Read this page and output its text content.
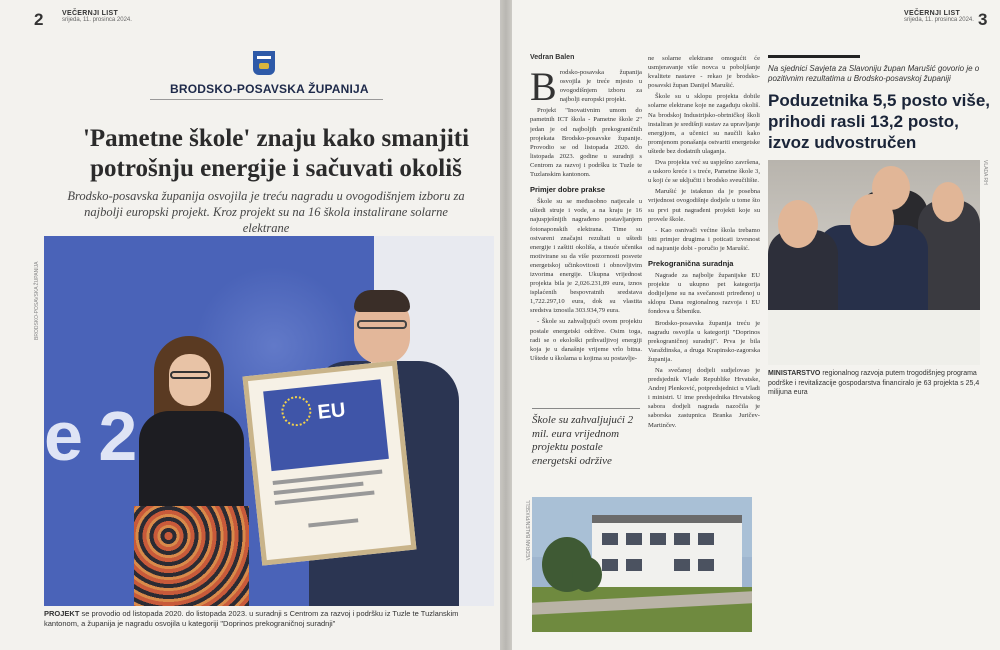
2	VEČERNJI LIST
srijeda, 11. prosinca 2024.
BRODSKO-POSAVSKA ŽUPANIJA
'Pametne škole' znaju kako smanjiti potrošnju energije i sačuvati okoliš
Brodsko-posavska županija osvojila je treću nagradu u ovogodišnjem izboru za najbolji europski projekt. Kroz projekt su na 16 škola instalirane solarne elektrane
BRODSKO-POSAVSKA ŽUPANIJA
e 2	EU
PROJEKT se provodio od listopada 2020. do listopada 2023. u suradnji s Centrom za razvoj i podršku iz Tuzle te Tuzlanskim kantonom, a županija je nagradu osvojila u kategoriji "Doprinos prekograničnoj suradnji"
VEČERNJI LIST
srijeda, 11. prosinca 2024. 3
Vedran Balen

Brodsko-posavska županija osvojila je treće mjesto u ovogodišnjem izboru za najbolji europski projekt.

Projekt "Inovativnim umom do pametnih ICT škola - Pametne škole 2" jedan je od najboljih prekograničnih projekata Brodsko-posavske županije. Provodio se od listopada 2020. do listopada 2023. godine u suradnji s Centrom za razvoj i podršku iz Tuzle te Tuzlanskim kantonom.

Primjer dobre prakse

Škole su se međusobno natjecale u uštedi struje i vode, a na kraju je 16 najuspješnijih nagrađeno postavljanjem fotonaponskih elektrana. Time su ostvareni značajni rezultati u uštedi energije i zaštiti okoliša, a tisuće učenika motivirane su da više pozornosti posvete energetskoj učinkovitosti i obnovljivim izvorima energije. Ukupna vrijednost projekta bila je 2,026.231,89 eura, iznos isplaćenih bespovratnih sredstava 1,722.297,10 eura, dok su vlastita sredstva iznosila 303.934,79 eura.

- Škole su zahvaljujući ovom projektu postale energetski održive. Osim toga, radi se o ekološki prihvatljivoj energiji koja je u današnje vrijeme vrlo bitna. Uštede u školama u kojima su postavlje-

Škole su zahvaljujući 2 mil. eura vrijednom projektu postale energetski održive

ne solarne elektrane omogućit će usmjeravanje više novca u poboljšanje kvalitete nastave - rekao je brodsko-posavski župan Danijel Marušić.

Škole su u sklopu projekta dobile solarne elektrane koje ne zagađuju okoliš. Na brodskoj Industrijsko-obrtničkoj školi instaliran je središnji sustav za upravljanje energijom, a učenici su naučili kako promjenom ponašanja ostvariti energetske uštede bez dodatnih ulaganja.

Dva projekta već su uspješno završena, a uskoro kreće i s treće, Pametne škole 3, u koji će se uključiti i brodsko sveučilište.

Marušić je istaknuo da je posebna vrijednost ovogodišnje dodjele u tome što su prvi put nagrađeni projekti koje su provele škole.

- Kao osnivači većine škola trebamo biti primjer drugima i poticati izvrsnost od najranije dobi - poručio je Marušić.

Prekogranična suradnja

Nagrade za najbolje županijske EU projekte u ukupno pet kategorija dodijeljene su na svečanosti priređenoj u sklopu Dana regionalnog razvoja i EU fondova u Šibeniku.

Brodsko-posavska županija treću je nagradu osvojila u kategoriji "Doprinos prekograničnoj suradnji". Prva je bila Varaždinska, a druga Krapinsko-zagorska županija.

Na svečanoj dodjeli sudjelovao je predsjednik Vlade Republike Hrvatske, Andrej Plenković, potpredsjednici u Vladi i ministri. U ime predsjednika Hrvatskog sabora dodjeli nagrada nazočila je saborska zastupnica Branka Juričev-Martinčev.

Na sjednici Savjeta za Slavoniju župan Marušić govorio je o pozitivnim rezultatima u Brodsko-posavskoj županiji
Poduzetnika 5,5 posto više, prihodi rasli 13,2 posto, izvoz udvostručen
VLADA RH
MINISTARSTVO regionalnog razvoja putem trogodišnjeg programa podrške i revitalizacije gospodarstva financiralo je 63 projekta s 25,4 milijuna eura
VEDRAN BALEN/PIXSELL
